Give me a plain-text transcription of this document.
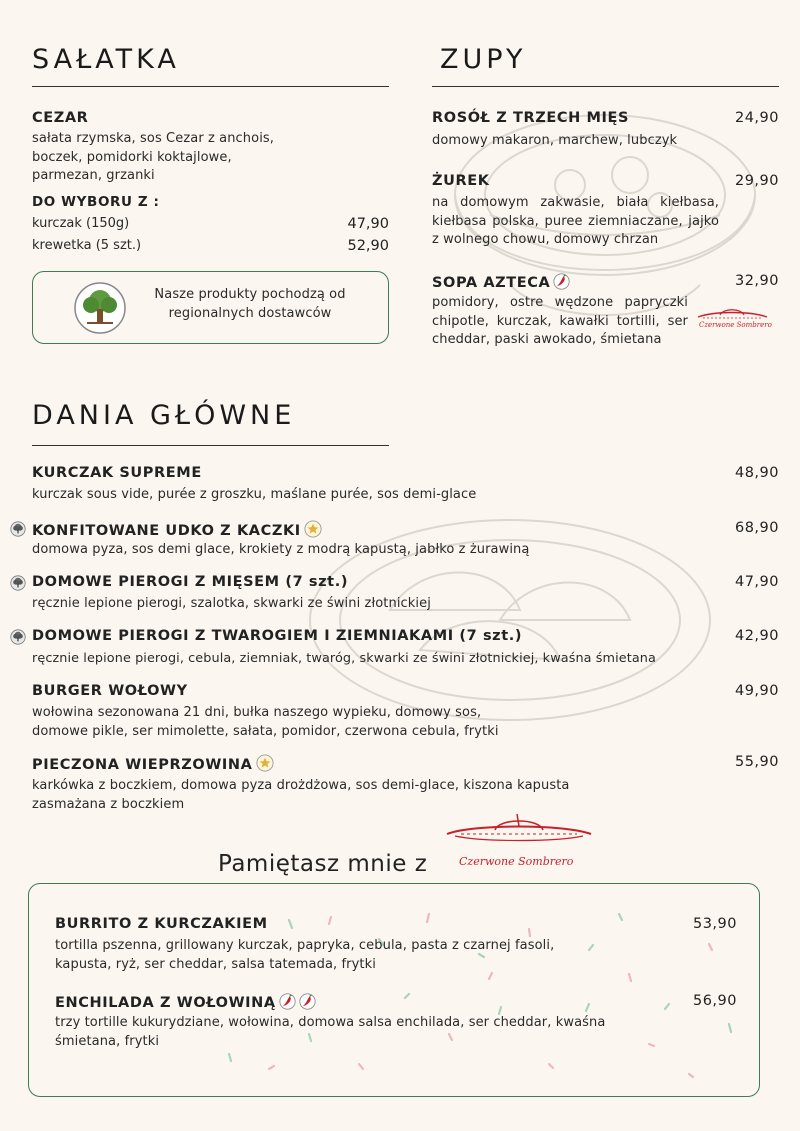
SAŁATKA
CEZAR
sałata rzymska, sos Cezar z anchois,
boczek, pomidorki koktajlowe,
parmezan, grzanki
DO WYBORU Z :
kurczak (150g)	47,90
krewetka (5 szt.)	52,90
Nasze produkty pochodzą od regionalnych dostawców
ZUPY
ROSÓŁ Z TRZECH MIĘS	24,90
domowy makaron, marchew, lubczyk
ŻUREK	29,90
na domowym zakwasie, biała kiełbasa, kiełbasa polska, puree ziemniaczane, jajko z wolnego chowu, domowy chrzan
SOPA AZTECA	32,90
pomidory, ostre wędzone papryczki chipotle, kurczak, kawałki tortilli, ser cheddar, paski awokado, śmietana
Czerwone Sombrero
DANIA GŁÓWNE
KURCZAK SUPREME	48,90
kurczak sous vide, purée z groszku, maślane purée, sos demi-glace
KONFITOWANE UDKO Z KACZKI	68,90
domowa pyza, sos demi glace, krokiety z modrą kapustą, jabłko z żurawiną
DOMOWE PIEROGI Z MIĘSEM (7 szt.)	47,90
ręcznie lepione pierogi, szalotka, skwarki ze świni złotnickiej
DOMOWE PIEROGI Z TWAROGIEM I ZIEMNIAKAMI (7 szt.)	42,90
ręcznie lepione pierogi, cebula, ziemniak, twaróg, skwarki ze świni złotnickiej, kwaśna śmietana
BURGER WOŁOWY	49,90
wołowina sezonowana 21 dni, bułka naszego wypieku, domowy sos, domowe pikle, ser mimolette, sałata, pomidor, czerwona cebula, frytki
PIECZONA WIEPRZOWINA	55,90
karkówka z boczkiem, domowa pyza drożdżowa, sos demi-glace, kiszona kapusta zasmażana z boczkiem
Pamiętasz mnie z	Czerwone Sombrero
BURRITO Z KURCZAKIEM	53,90
tortilla pszenna, grillowany kurczak, papryka, cebula, pasta z czarnej fasoli, kapusta, ryż, ser cheddar, salsa tatemada, frytki
ENCHILADA Z WOŁOWINĄ	56,90
trzy tortille kukurydziane, wołowina, domowa salsa enchilada, ser cheddar, kwaśna śmietana, frytki
